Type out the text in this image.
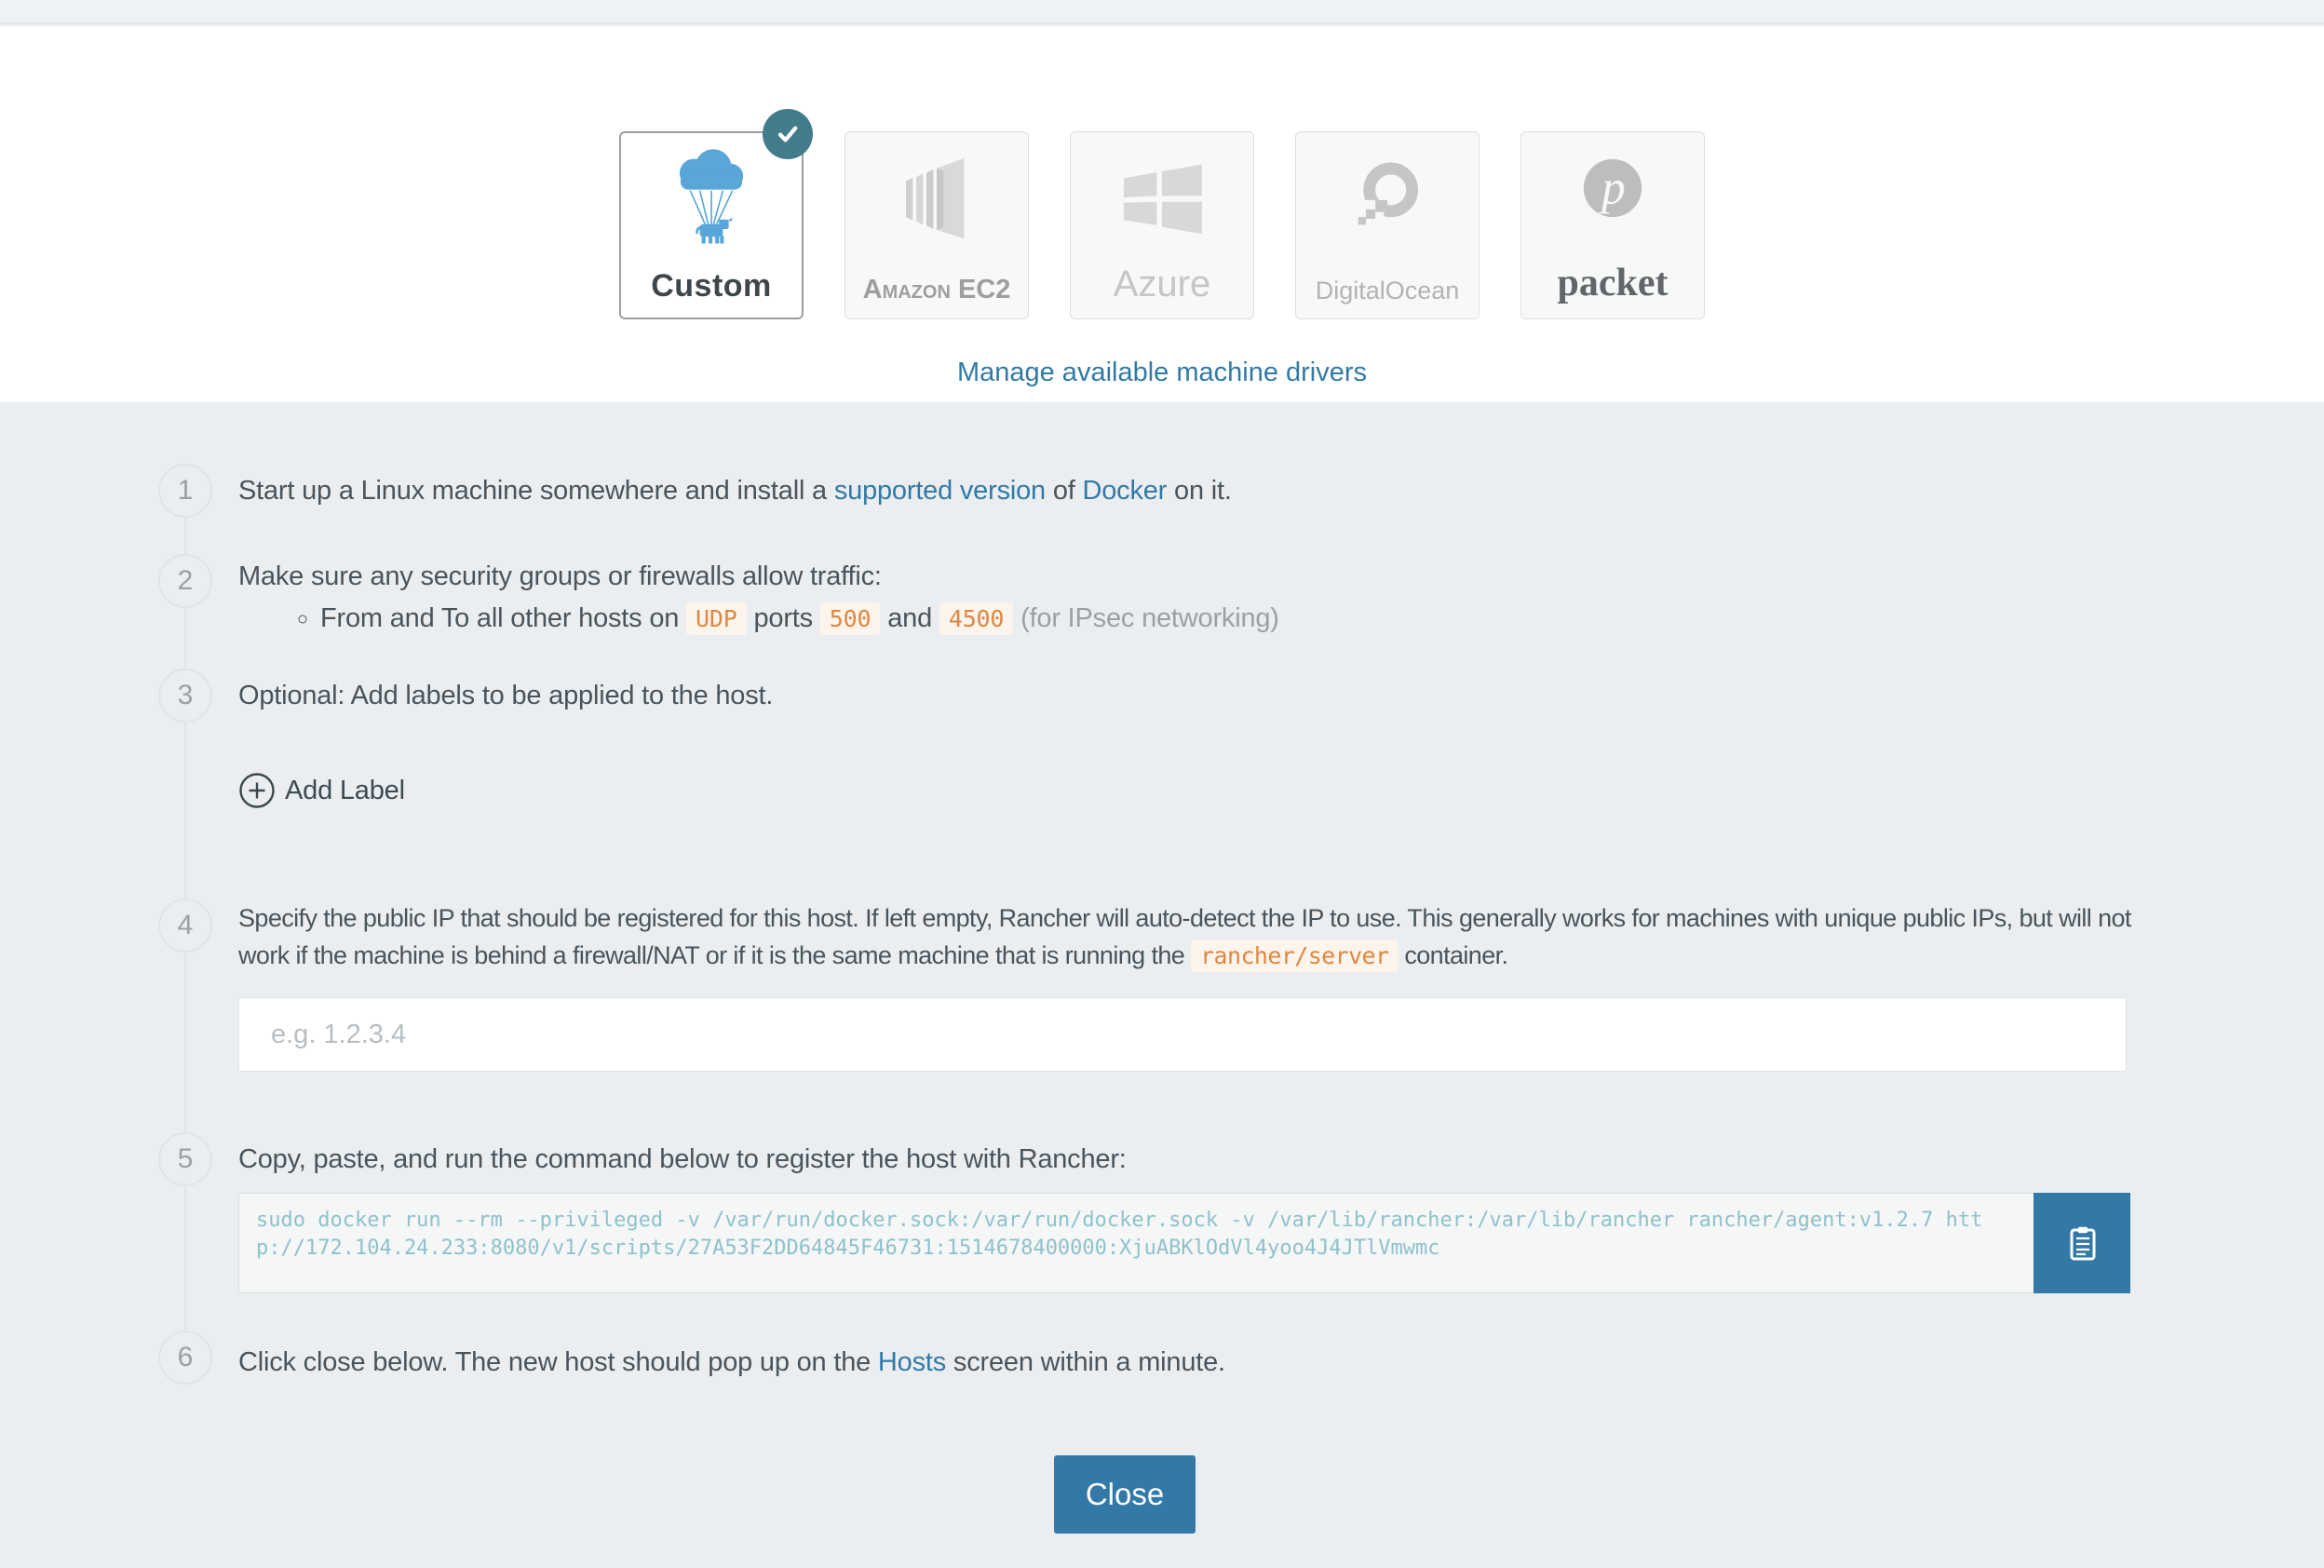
Custom	Amazon EC2	Azure	DigitalOcean
p
packet
Manage available machine drivers
1
2
3
4
5
6
Start up a Linux machine somewhere and install a supported version of Docker on it.
Make sure any security groups or firewalls allow traffic:
◦ From and To all other hosts on UDP ports 500 and 4500 (for IPsec networking)
Optional: Add labels to be applied to the host.
Add Label
Specify the public IP that should be registered for this host. If left empty, Rancher will auto-detect the IP to use. This generally works for machines with unique public IPs, but will not work if the machine is behind a firewall/NAT or if it is the same machine that is running the rancher/server container.
e.g. 1.2.3.4
Copy, paste, and run the command below to register the host with Rancher:
sudo docker run --rm --privileged -v /var/run/docker.sock:/var/run/docker.sock -v /var/lib/rancher:/var/lib/rancher rancher/agent:v1.2.7 http://172.104.24.233:8080/v1/scripts/27A53F2DD64845F46731:1514678400000:XjuABKlOdVl4yoo4J4JTlVmwmc
Click close below. The new host should pop up on the Hosts screen within a minute.
Close
